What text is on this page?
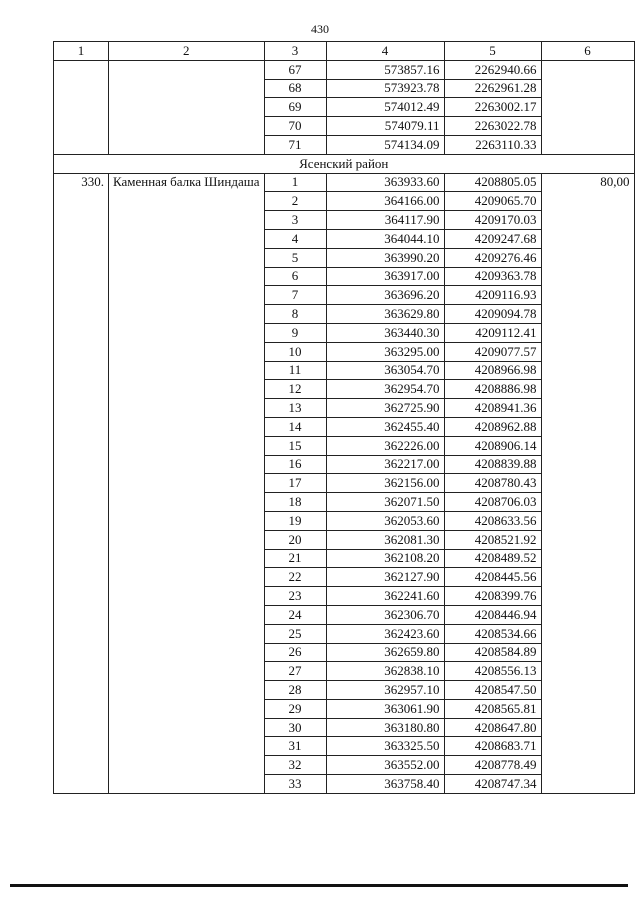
430
1	2	3	4	5	6
		67	573857.16	2262940.66	
		68	573923.78	2262961.28	
		69	574012.49	2263002.17	
		70	574079.11	2263022.78	
		71	574134.09	2263110.33	
Ясенский район					
330.	Каменная балка Шиндаша	1	363933.60	4208805.05	80,00
		2	364166.00	4209065.70	
		3	364117.90	4209170.03	
		4	364044.10	4209247.68	
		5	363990.20	4209276.46	
		6	363917.00	4209363.78	
		7	363696.20	4209116.93	
		8	363629.80	4209094.78	
		9	363440.30	4209112.41	
		10	363295.00	4209077.57	
		11	363054.70	4208966.98	
		12	362954.70	4208886.98	
		13	362725.90	4208941.36	
		14	362455.40	4208962.88	
		15	362226.00	4208906.14	
		16	362217.00	4208839.88	
		17	362156.00	4208780.43	
		18	362071.50	4208706.03	
		19	362053.60	4208633.56	
		20	362081.30	4208521.92	
		21	362108.20	4208489.52	
		22	362127.90	4208445.56	
		23	362241.60	4208399.76	
		24	362306.70	4208446.94	
		25	362423.60	4208534.66	
		26	362659.80	4208584.89	
		27	362838.10	4208556.13	
		28	362957.10	4208547.50	
		29	363061.90	4208565.81	
		30	363180.80	4208647.80	
		31	363325.50	4208683.71	
		32	363552.00	4208778.49	
		33	363758.40	4208747.34	
